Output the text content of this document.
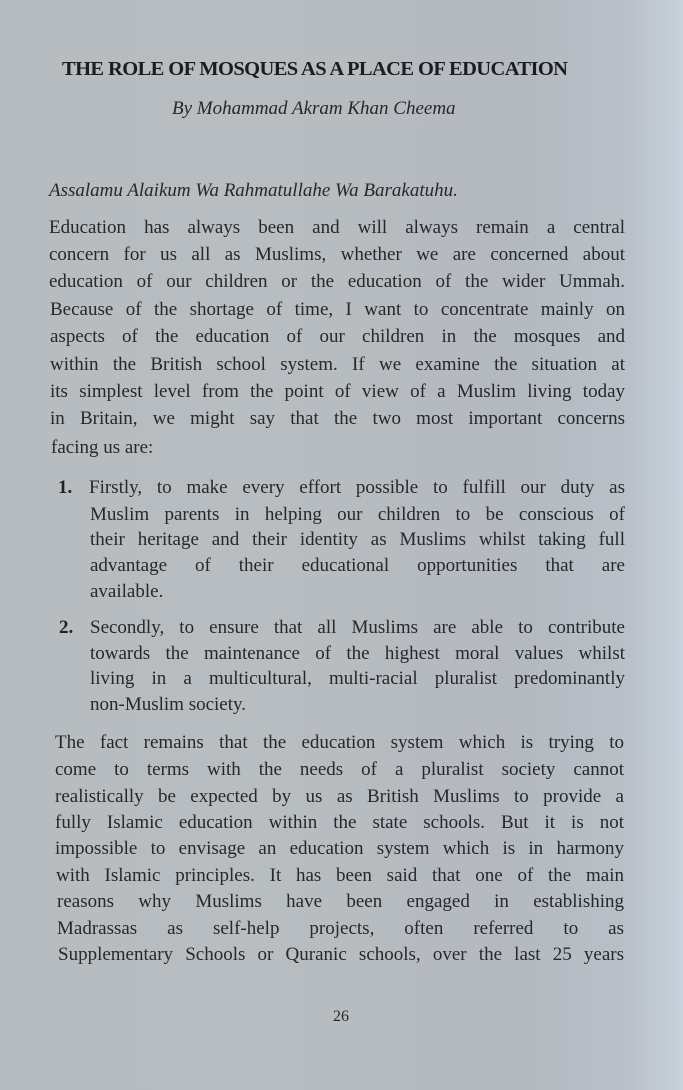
THE ROLE OF MOSQUES AS A PLACE OF EDUCATION
By Mohammad Akram Khan Cheema
Assalamu Alaikum Wa Rahmatullahe Wa Barakatuhu.
Education has always been and will always remain a central
concern for us all as Muslims, whether we are concerned about
education of our children or the education of the wider Ummah.
Because of the shortage of time, I want to concentrate mainly on
aspects of the education of our children in the mosques and
within the British school system. If we examine the situation at
its simplest level from the point of view of a Muslim living today
in Britain, we might say that the two most important concerns
facing us are:
1. Firstly, to make every effort possible to fulfill our duty as
Muslim parents in helping our children to be conscious of
their heritage and their identity as Muslims whilst taking full
advantage of their educational opportunities that are
available.
2. Secondly, to ensure that all Muslims are able to contribute
towards the maintenance of the highest moral values whilst
living in a multicultural, multi-racial pluralist predominantly
non-Muslim society.
The fact remains that the education system which is trying to
come to terms with the needs of a pluralist society cannot
realistically be expected by us as British Muslims to provide a
fully Islamic education within the state schools. But it is not
impossible to envisage an education system which is in harmony
with Islamic principles. It has been said that one of the main
reasons why Muslims have been engaged in establishing
Madrassas as self-help projects, often referred to as
Supplementary Schools or Quranic schools, over the last 25 years
26
